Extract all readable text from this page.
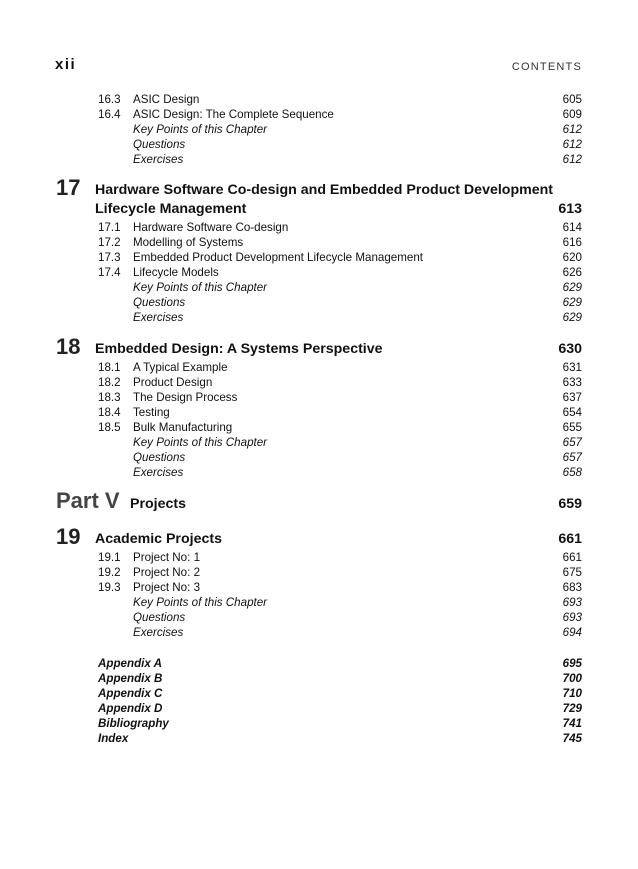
xii	CONTENTS
16.3	ASIC Design	605
16.4	ASIC Design: The Complete Sequence	609
Key Points of this Chapter	612
Questions	612
Exercises	612
17 Hardware Software Co-design and Embedded Product Development
Lifecycle Management	613
17.1	Hardware Software Co-design	614
17.2	Modelling of Systems	616
17.3	Embedded Product Development Lifecycle Management	620
17.4	Lifecycle Models	626
Key Points of this Chapter	629
Questions	629
Exercises	629
18 Embedded Design: A Systems Perspective	630
18.1	A Typical Example	631
18.2	Product Design	633
18.3	The Design Process	637
18.4	Testing	654
18.5	Bulk Manufacturing	655
Key Points of this Chapter	657
Questions	657
Exercises	658
Part V Projects	659
19 Academic Projects	661
19.1	Project No: 1	661
19.2	Project No: 2	675
19.3	Project No: 3	683
Key Points of this Chapter	693
Questions	693
Exercises	694
Appendix A	695
Appendix B	700
Appendix C	710
Appendix D	729
Bibliography	741
Index	745
